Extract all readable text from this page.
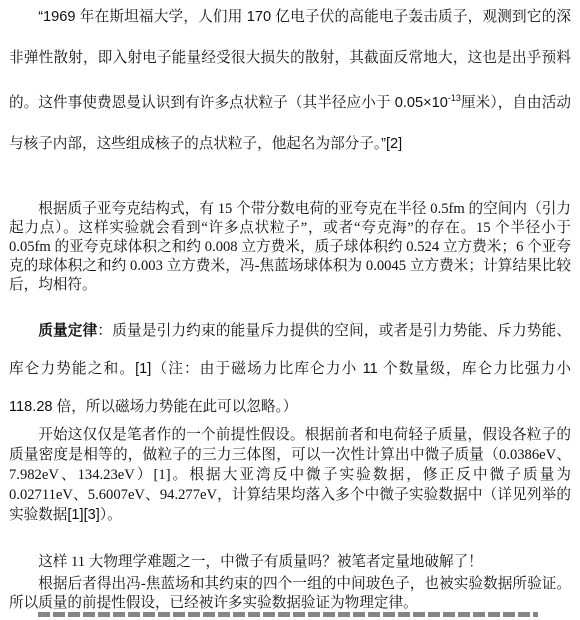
“1969 年在斯坦福大学，人们用 170 亿电子伏的高能电子轰击质子，观测到它的深非弹性散射，即入射电子能量经受很大损失的散射，其截面反常地大，这也是出乎预料的。这件事使费恩曼认识到有许多点状粒子（其半径应小于 $0.05\times 10^{-13}$厘米），自由活动与核子内部，这些组成核子的点状粒子，他起名为部分子。”[2]

根据质子亚夸克结构式，有 15 个带分数电荷的亚夸克在半径 0.5fm 的空间内（引力起力点）。这样实验就会看到“许多点状粒子”，或者“夸克海”的存在。15 个半径小于 0.05fm 的亚夸克球体积之和约 0.008 立方费米，质子球体积约 0.524 立方费米；6 个亚夸克的球体积之和约 0.003 立方费米，冯-焦蓝场球体积为 0.0045 立方费米；计算结果比较后，均相符。

质量定律：质量是引力约束的能量斥力提供的空间，或者是引力势能、斥力势能、库仑力势能之和。[1]（注：由于磁场力比库仑力小 11 个数量级，库仑力比强力小 118.28 倍，所以磁场力势能在此可以忽略。）

开始这仅仅是笔者作的一个前提性假设。根据前者和电荷轻子质量，假设各粒子的质量密度是相等的，做粒子的三力三体图，可以一次性计算出中微子质量（0.0386eV、7.982eV、134.23eV）[1]。根据大亚湾反中微子实验数据，修正反中微子质量为 0.02711eV、5.6007eV、94.277eV，计算结果均落入多个中微子实验数据中（详见列举的实验数据[1][3]）。

这样 11 大物理学难题之一，中微子有质量吗？被笔者定量地破解了！

根据后者得出冯-焦蓝场和其约束的四个一组的中间玻色子，也被实验数据所验证。所以质量的前提性假设，已经被许多实验数据验证为物理定律。
